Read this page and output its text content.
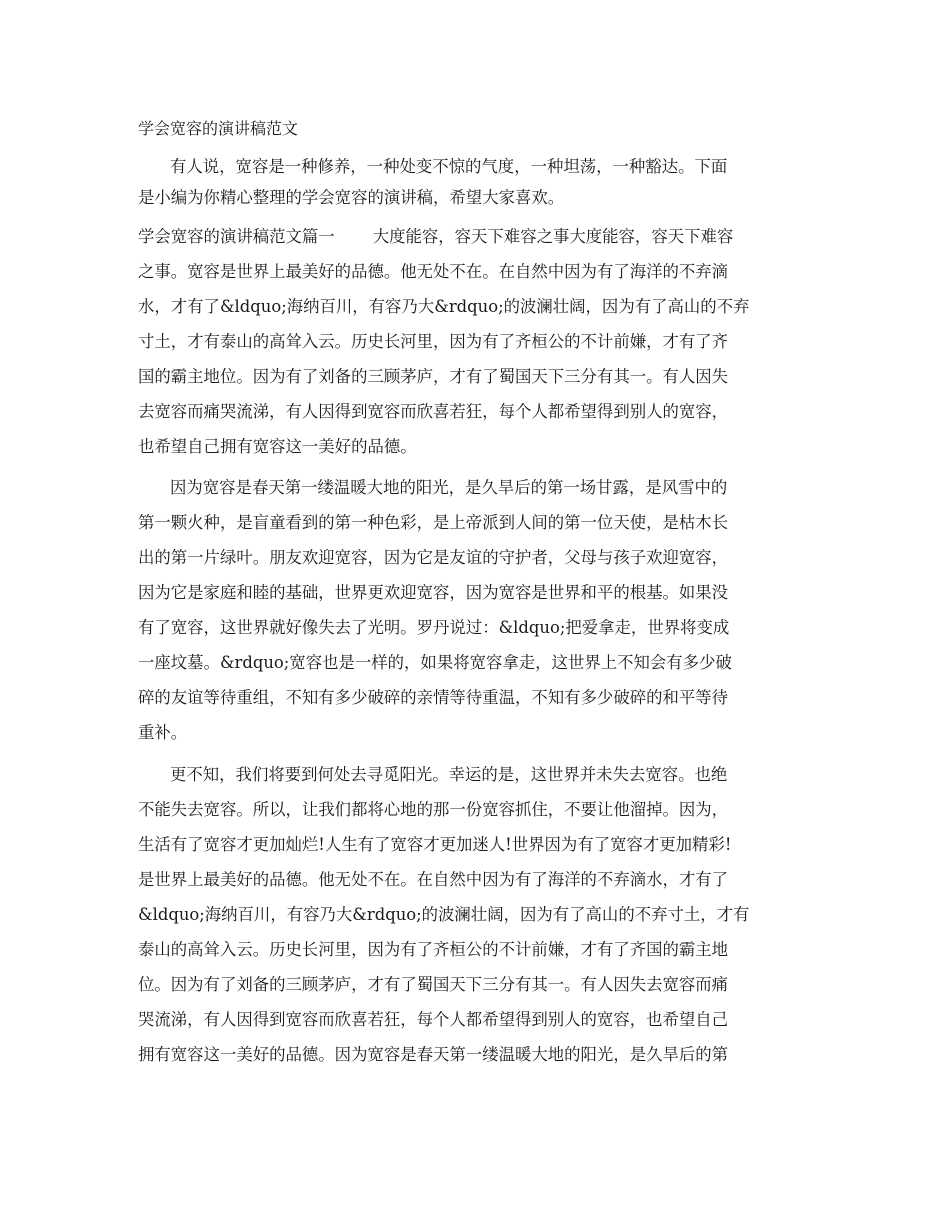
学会宽容的演讲稿范文
有人说，宽容是一种修养，一种处变不惊的气度，一种坦荡，一种豁达。下面
是小编为你精心整理的学会宽容的演讲稿，希望大家喜欢。
学会宽容的演讲稿范文篇一 大度能容，容天下难容之事大度能容，容天下难容
之事。宽容是世界上最美好的品德。他无处不在。在自然中因为有了海洋的不弃滴
水，才有了&ldquo;海纳百川，有容乃大&rdquo;的波澜壮阔，因为有了高山的不弃
寸土，才有泰山的高耸入云。历史长河里，因为有了齐桓公的不计前嫌，才有了齐
国的霸主地位。因为有了刘备的三顾茅庐，才有了蜀国天下三分有其一。有人因失
去宽容而痛哭流涕，有人因得到宽容而欣喜若狂，每个人都希望得到别人的宽容，
也希望自己拥有宽容这一美好的品德。
因为宽容是春天第一缕温暖大地的阳光，是久旱后的第一场甘露，是风雪中的
第一颗火种，是盲童看到的第一种色彩，是上帝派到人间的第一位天使，是枯木长
出的第一片绿叶。朋友欢迎宽容，因为它是友谊的守护者，父母与孩子欢迎宽容，
因为它是家庭和睦的基础，世界更欢迎宽容，因为宽容是世界和平的根基。如果没
有了宽容，这世界就好像失去了光明。罗丹说过：&ldquo;把爱拿走，世界将变成
一座坟墓。&rdquo;宽容也是一样的，如果将宽容拿走，这世界上不知会有多少破
碎的友谊等待重组，不知有多少破碎的亲情等待重温，不知有多少破碎的和平等待
重补。
更不知，我们将要到何处去寻觅阳光。幸运的是，这世界并未失去宽容。也绝
不能失去宽容。所以，让我们都将心地的那一份宽容抓住，不要让他溜掉。因为，
生活有了宽容才更加灿烂!人生有了宽容才更加迷人!世界因为有了宽容才更加精彩!
是世界上最美好的品德。他无处不在。在自然中因为有了海洋的不弃滴水，才有了
&ldquo;海纳百川，有容乃大&rdquo;的波澜壮阔，因为有了高山的不弃寸土，才有
泰山的高耸入云。历史长河里，因为有了齐桓公的不计前嫌，才有了齐国的霸主地
位。因为有了刘备的三顾茅庐，才有了蜀国天下三分有其一。有人因失去宽容而痛
哭流涕，有人因得到宽容而欣喜若狂，每个人都希望得到别人的宽容，也希望自己
拥有宽容这一美好的品德。因为宽容是春天第一缕温暖大地的阳光，是久旱后的第
